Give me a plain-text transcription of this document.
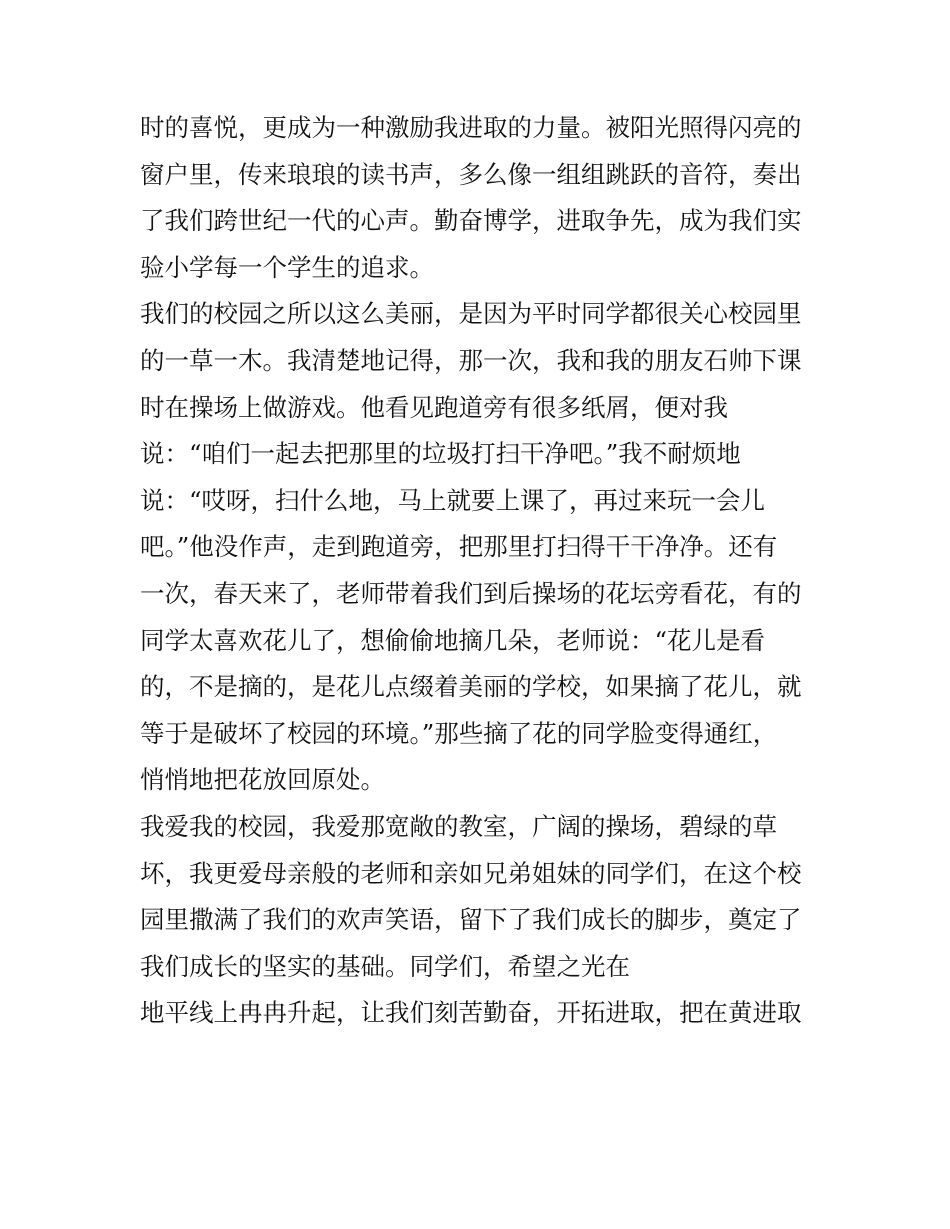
时的喜悦，更成为一种激励我进取的力量。被阳光照得闪亮的
窗户里，传来琅琅的读书声，多么像一组组跳跃的音符，奏出
了我们跨世纪一代的心声。勤奋博学，进取争先，成为我们实
验小学每一个学生的追求。
我们的校园之所以这么美丽，是因为平时同学都很关心校园里
的一草一木。我清楚地记得，那一次，我和我的朋友石帅下课
时在操场上做游戏。他看见跑道旁有很多纸屑，便对我
说：“咱们一起去把那里的垃圾打扫干净吧。”我不耐烦地
说：“哎呀，扫什么地，马上就要上课了，再过来玩一会儿
吧。”他没作声，走到跑道旁，把那里打扫得干干净净。还有
一次，春天来了，老师带着我们到后操场的花坛旁看花，有的
同学太喜欢花儿了，想偷偷地摘几朵，老师说：“花儿是看
的，不是摘的，是花儿点缀着美丽的学校，如果摘了花儿，就
等于是破坏了校园的环境。”那些摘了花的同学脸变得通红，
悄悄地把花放回原处。
我爱我的校园，我爱那宽敞的教室，广阔的操场，碧绿的草
坏，我更爱母亲般的老师和亲如兄弟姐妹的同学们，在这个校
园里撒满了我们的欢声笑语，留下了我们成长的脚步，奠定了
我们成长的坚实的基础。同学们，希望之光在
地平线上冉冉升起，让我们刻苦勤奋，开拓进取，把在黄进取
